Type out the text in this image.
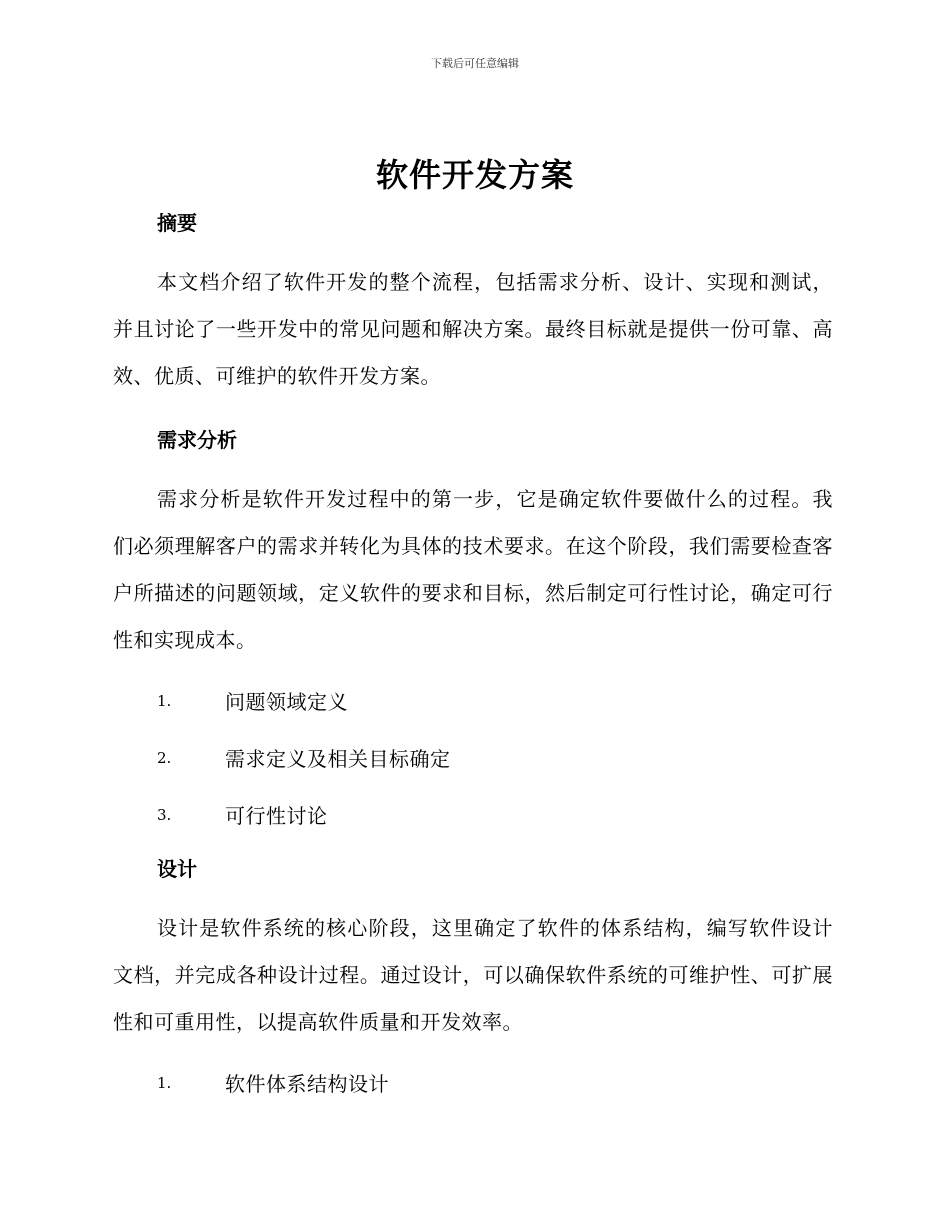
下载后可任意编辑
软件开发方案
摘要

本文档介绍了软件开发的整个流程，包括需求分析、设计、实现和测试，并且讨论了一些开发中的常见问题和解决方案。最终目标就是提供一份可靠、高效、优质、可维护的软件开发方案。

需求分析

需求分析是软件开发过程中的第一步，它是确定软件要做什么的过程。我们必须理解客户的需求并转化为具体的技术要求。在这个阶段，我们需要检查客户所描述的问题领域，定义软件的要求和目标，然后制定可行性讨论，确定可行性和实现成本。

1.	问题领域定义
2.	需求定义及相关目标确定
3.	可行性讨论
设计

设计是软件系统的核心阶段，这里确定了软件的体系结构，编写软件设计文档，并完成各种设计过程。通过设计，可以确保软件系统的可维护性、可扩展性和可重用性，以提高软件质量和开发效率。

1.	软件体系结构设计
